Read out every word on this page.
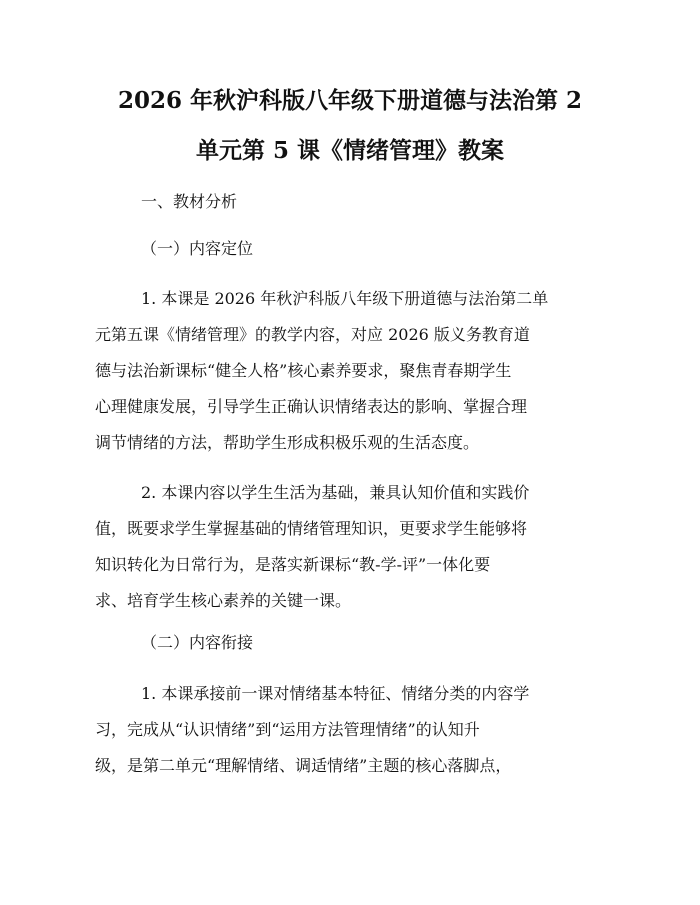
2026 年秋沪科版八年级下册道德与法治第 2
单元第 5 课《情绪管理》教案

一、教材分析

（一）内容定位

1. 本课是 2026 年秋沪科版八年级下册道德与法治第二单

元第五课《情绪管理》的教学内容，对应 2026 版义务教育道

德与法治新课标“健全人格”核心素养要求，聚焦青春期学生

心理健康发展，引导学生正确认识情绪表达的影响、掌握合理

调节情绪的方法，帮助学生形成积极乐观的生活态度。

2. 本课内容以学生生活为基础，兼具认知价值和实践价

值，既要求学生掌握基础的情绪管理知识，更要求学生能够将

知识转化为日常行为，是落实新课标“教-学-评”一体化要

求、培育学生核心素养的关键一课。

（二）内容衔接

1. 本课承接前一课对情绪基本特征、情绪分类的内容学

习，完成从“认识情绪”到“运用方法管理情绪”的认知升

级，是第二单元“理解情绪、调适情绪”主题的核心落脚点，
